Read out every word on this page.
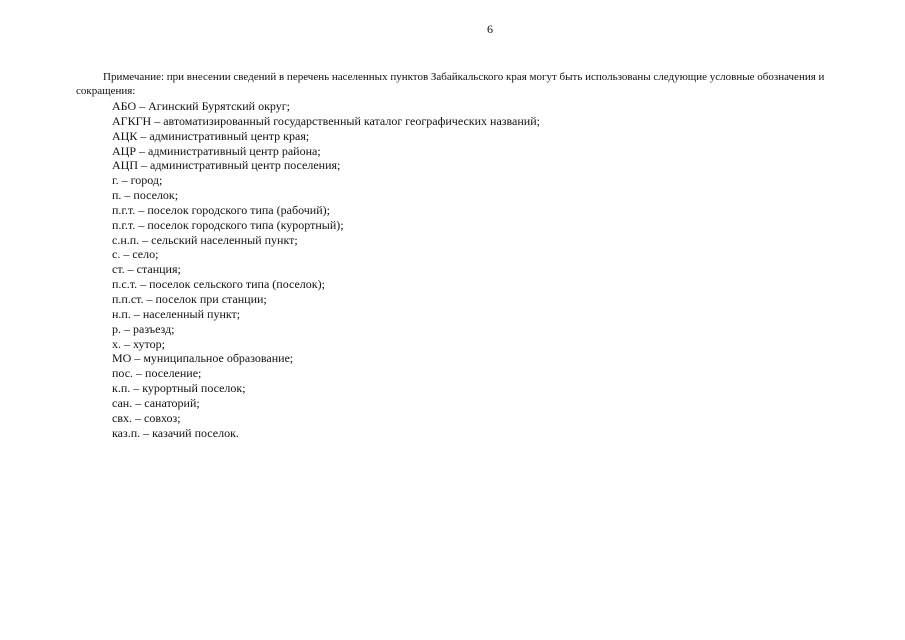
6

Примечание: при внесении сведений в перечень населенных пунктов Забайкальского края могут быть использованы следующие условные обозначения и сокращения:

АБО – Агинский Бурятский округ;
АГКГН – автоматизированный государственный каталог географических названий;
АЦК – административный центр края;
АЦР – административный центр района;
АЦП – административный центр поселения;
г. – город;
п. – поселок;
п.г.т. – поселок городского типа (рабочий);
п.г.т. – поселок городского типа (курортный);
с.н.п. – сельский населенный пункт;
с. – село;
ст. – станция;
п.с.т. – поселок сельского типа (поселок);
п.п.ст. – поселок при станции;
н.п. – населенный пункт;
р. – разъезд;
х. – хутор;
МО – муниципальное образование;
пос. – поселение;
к.п. – курортный поселок;
сан. – санаторий;
свх. – совхоз;
каз.п. – казачий поселок.
